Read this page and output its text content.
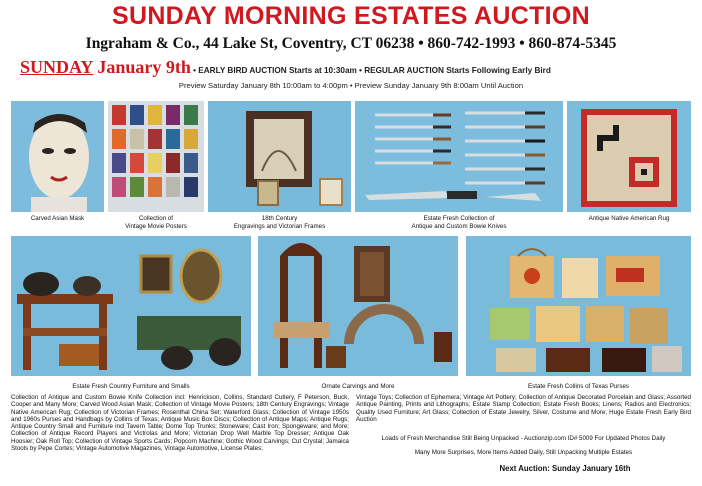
SUNDAY MORNING ESTATES AUCTION
Ingraham & Co., 44 Lake St, Coventry, CT 06238 • 860-742-1993 • 860-874-5345
SUNDAY January 9th • EARLY BIRD AUCTION Starts at 10:30am • REGULAR AUCTION Starts Following Early Bird
Preview Saturday January 8th 10:00am to 4:00pm • Preview Sunday January 9th 8:00am Until Auction
Carved Asian Mask	Collection of
Vintage Movie Posters
18th Century
Engravings and Victorian Frames
Estate Fresh Collection of
Antique and Custom Bowie Knives
Antique Native American Rug
Estate Fresh Country Furniture and Smalls	Ornate Carvings and More	Estate Fresh Collins of Texas Purses
Collection of Antique and Custom Bowie Knife Collection incl: Henrickson, Collins, Standard Cutlery, F Peterson, Buck, Cooper and Many More; Carved Wood Asian Mask; Collection of Vintage Movie Posters; 18th Century Engravings; Vintage Native American Rug; Collection of Victorian Frames; Rosenthal China Set; Waterford Glass; Collection of Vintage 1950s and 1960s Purses and Handbags by Collins of Texas; Antique Music Box Discs; Collection of Antique Maps; Antique Rugs; Antique Country Small and Furniture incl Tavern Table; Dome Top Trunks; Stoneware; Cast Iron; Spongeware; and More; Collection of Antique Record Players and Victrolas and More; Victorian Drop Well Marble Top Dresser; Antique Oak Hoosier; Oak Roll Top; Collection of Vintage Sports Cards; Popcorn Machine; Gothic Wood Carvings; Cut Crystal; Jamaica Stools by Pepe Cortes; Vintage Automotive Magazines, Vintage Automotive, License Plates;
Vintage Toys; Collection of Ephemera; Vintage Art Pottery; Collection of Antique Decorated Porcelain and Glass; Assorted Antique Painting, Prints and Lithographs; Estate Stamp Collection; Estate Fresh Books; Linens; Radios and Electronics; Quality Used Furniture; Art Glass; Collection of Estate Jewelry, Silver, Costume and More; Huge Estate Fresh Early Bird Auction
Loads of Fresh Merchandise Still Being Unpacked - Auctionzip.com ID# 5009 For Updated Photos Daily
Many More Surprises, More Items Added Daily, Still Unpacking Multiple Estates
Next Auction: Sunday January 16th
